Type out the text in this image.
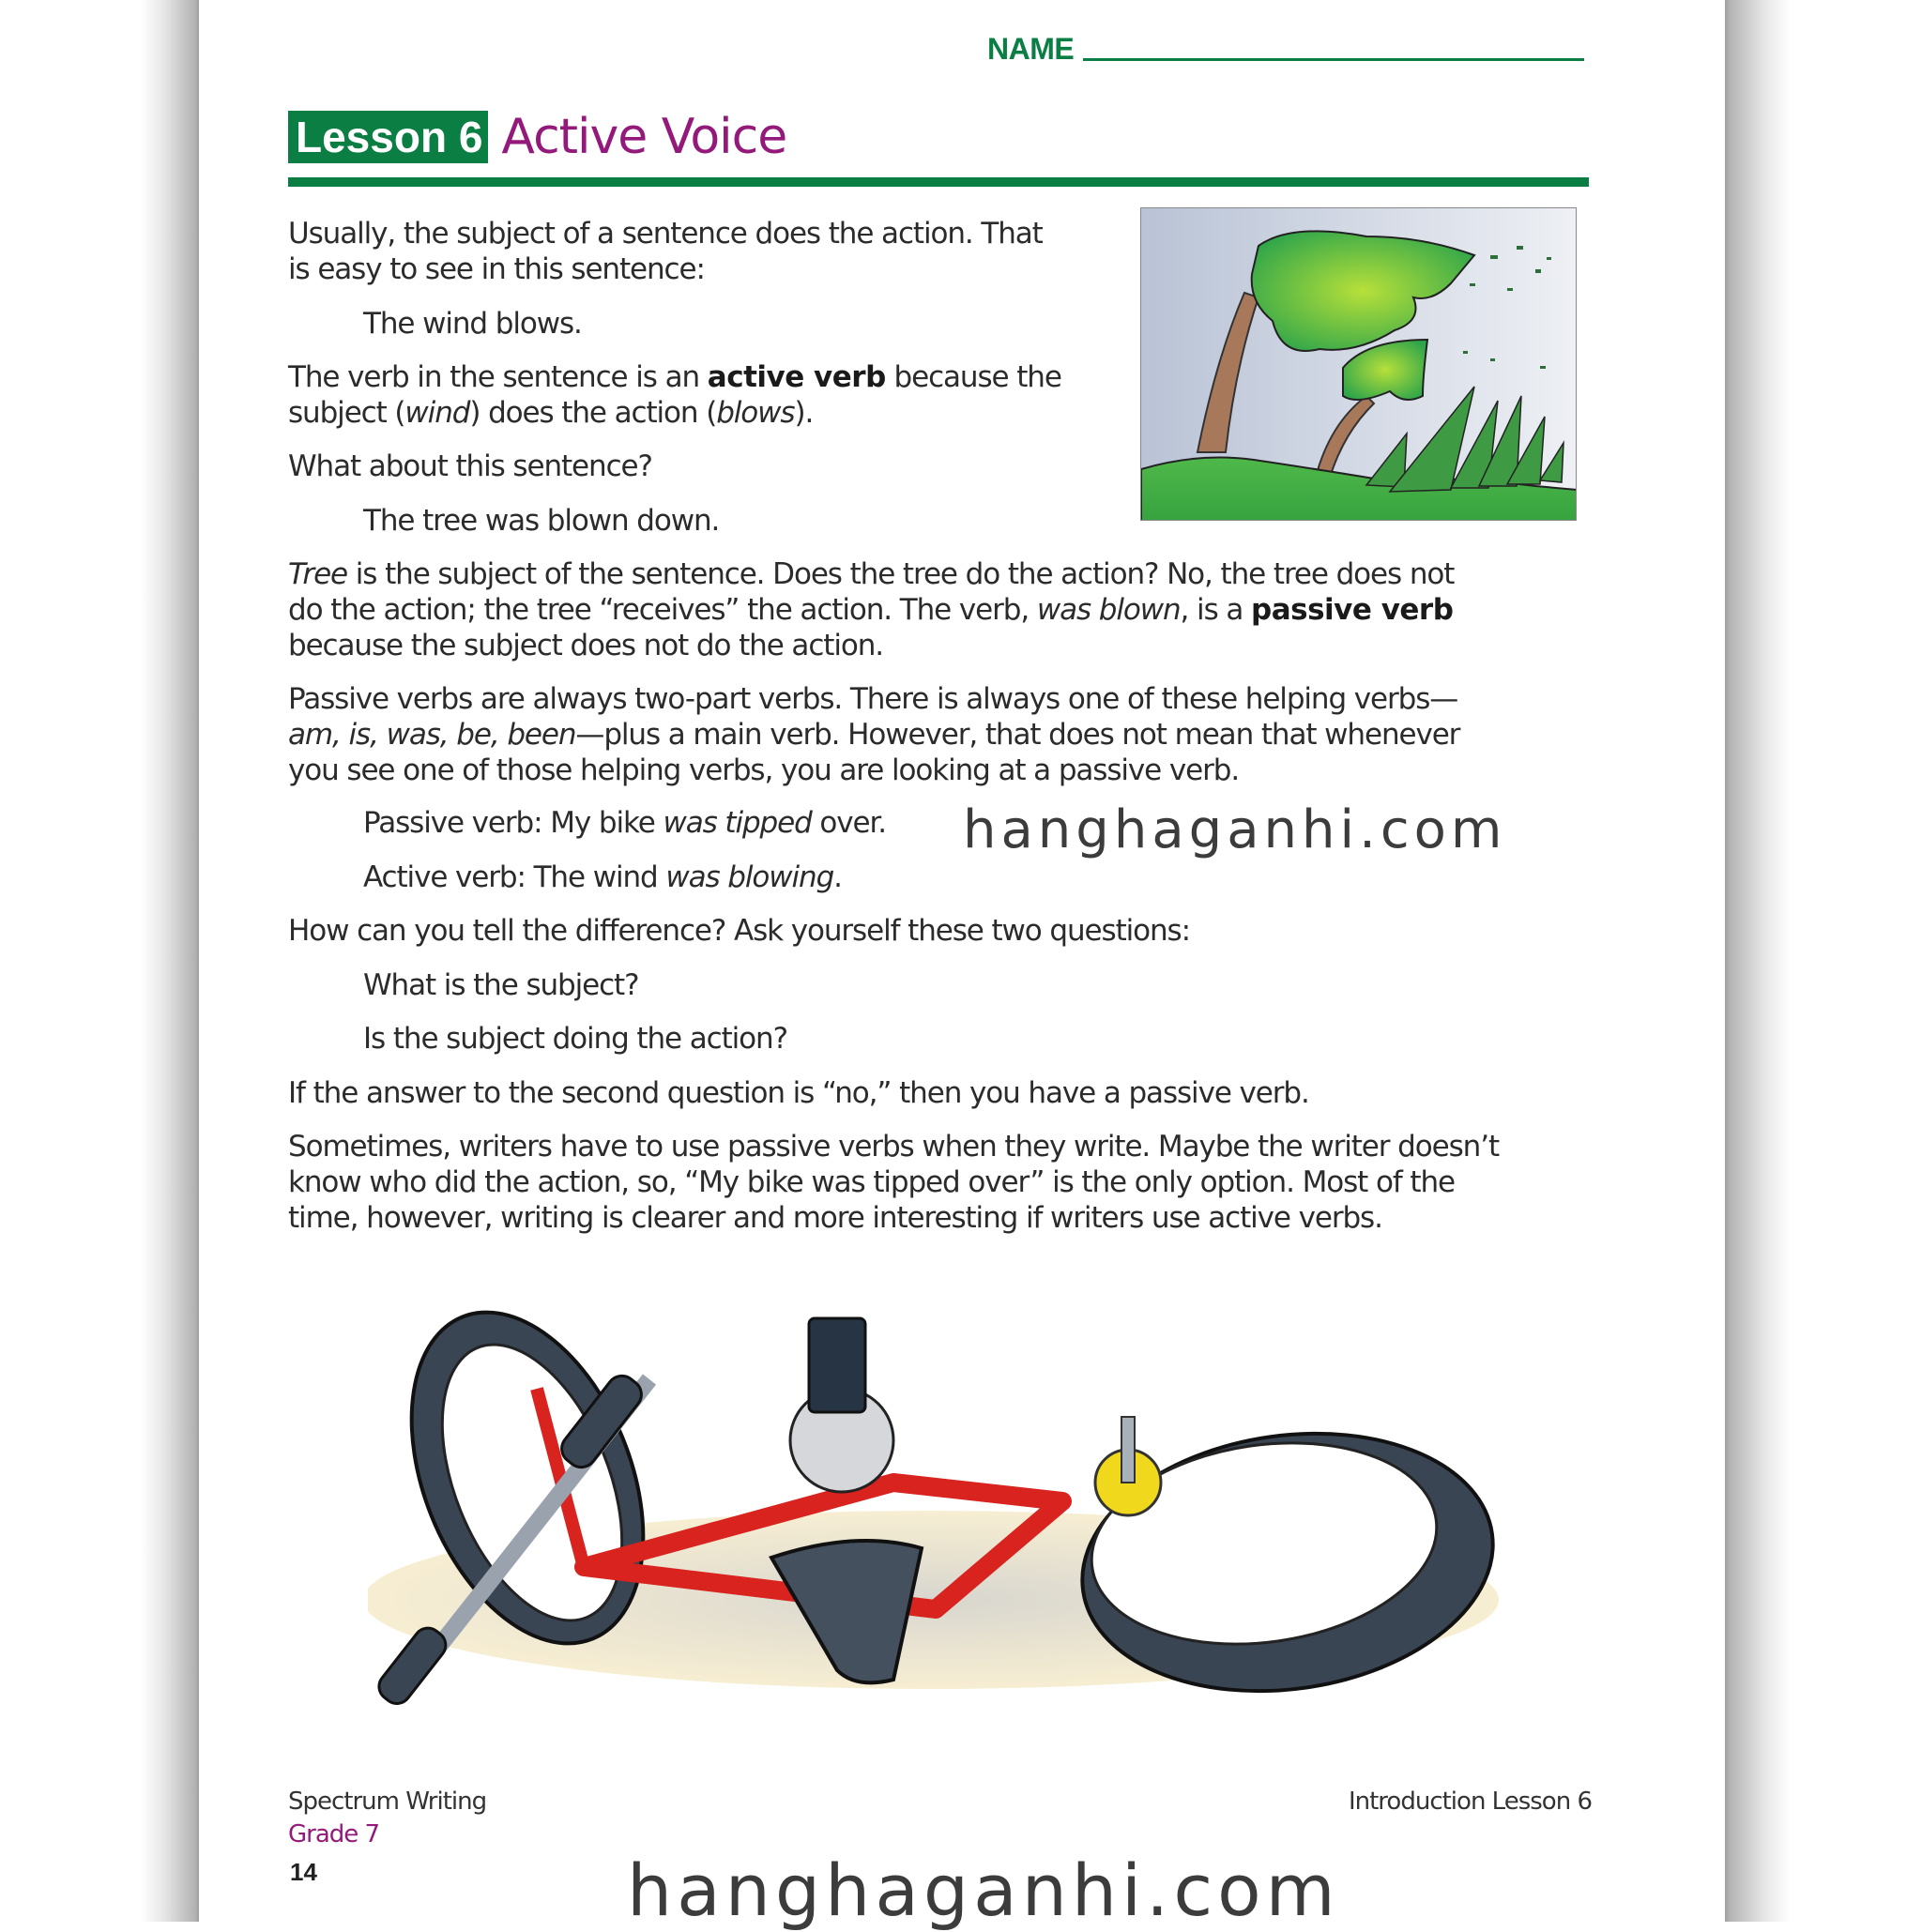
NAME
Lesson 6 Active Voice
Usually, the subject of a sentence does the action. That
is easy to see in this sentence:
The wind blows.
The verb in the sentence is an active verb because the
subject (wind) does the action (blows).
What about this sentence?
The tree was blown down.
Tree is the subject of the sentence. Does the tree do the action? No, the tree does not
do the action; the tree “receives” the action. The verb, was blown, is a passive verb
because the subject does not do the action.
Passive verbs are always two-part verbs. There is always one of these helping verbs—
am, is, was, be, been—plus a main verb. However, that does not mean that whenever
you see one of those helping verbs, you are looking at a passive verb.
Passive verb: My bike was tipped over.
Active verb: The wind was blowing.
How can you tell the difference? Ask yourself these two questions:
What is the subject?
Is the subject doing the action?
If the answer to the second question is “no,” then you have a passive verb.
Sometimes, writers have to use passive verbs when they write. Maybe the writer doesn’t
know who did the action, so, “My bike was tipped over” is the only option. Most of the
time, however, writing is clearer and more interesting if writers use active verbs.
Spectrum Writing
Grade 7
14
Introduction Lesson 6
hanghaganhi.com
hanghaganhi.com
